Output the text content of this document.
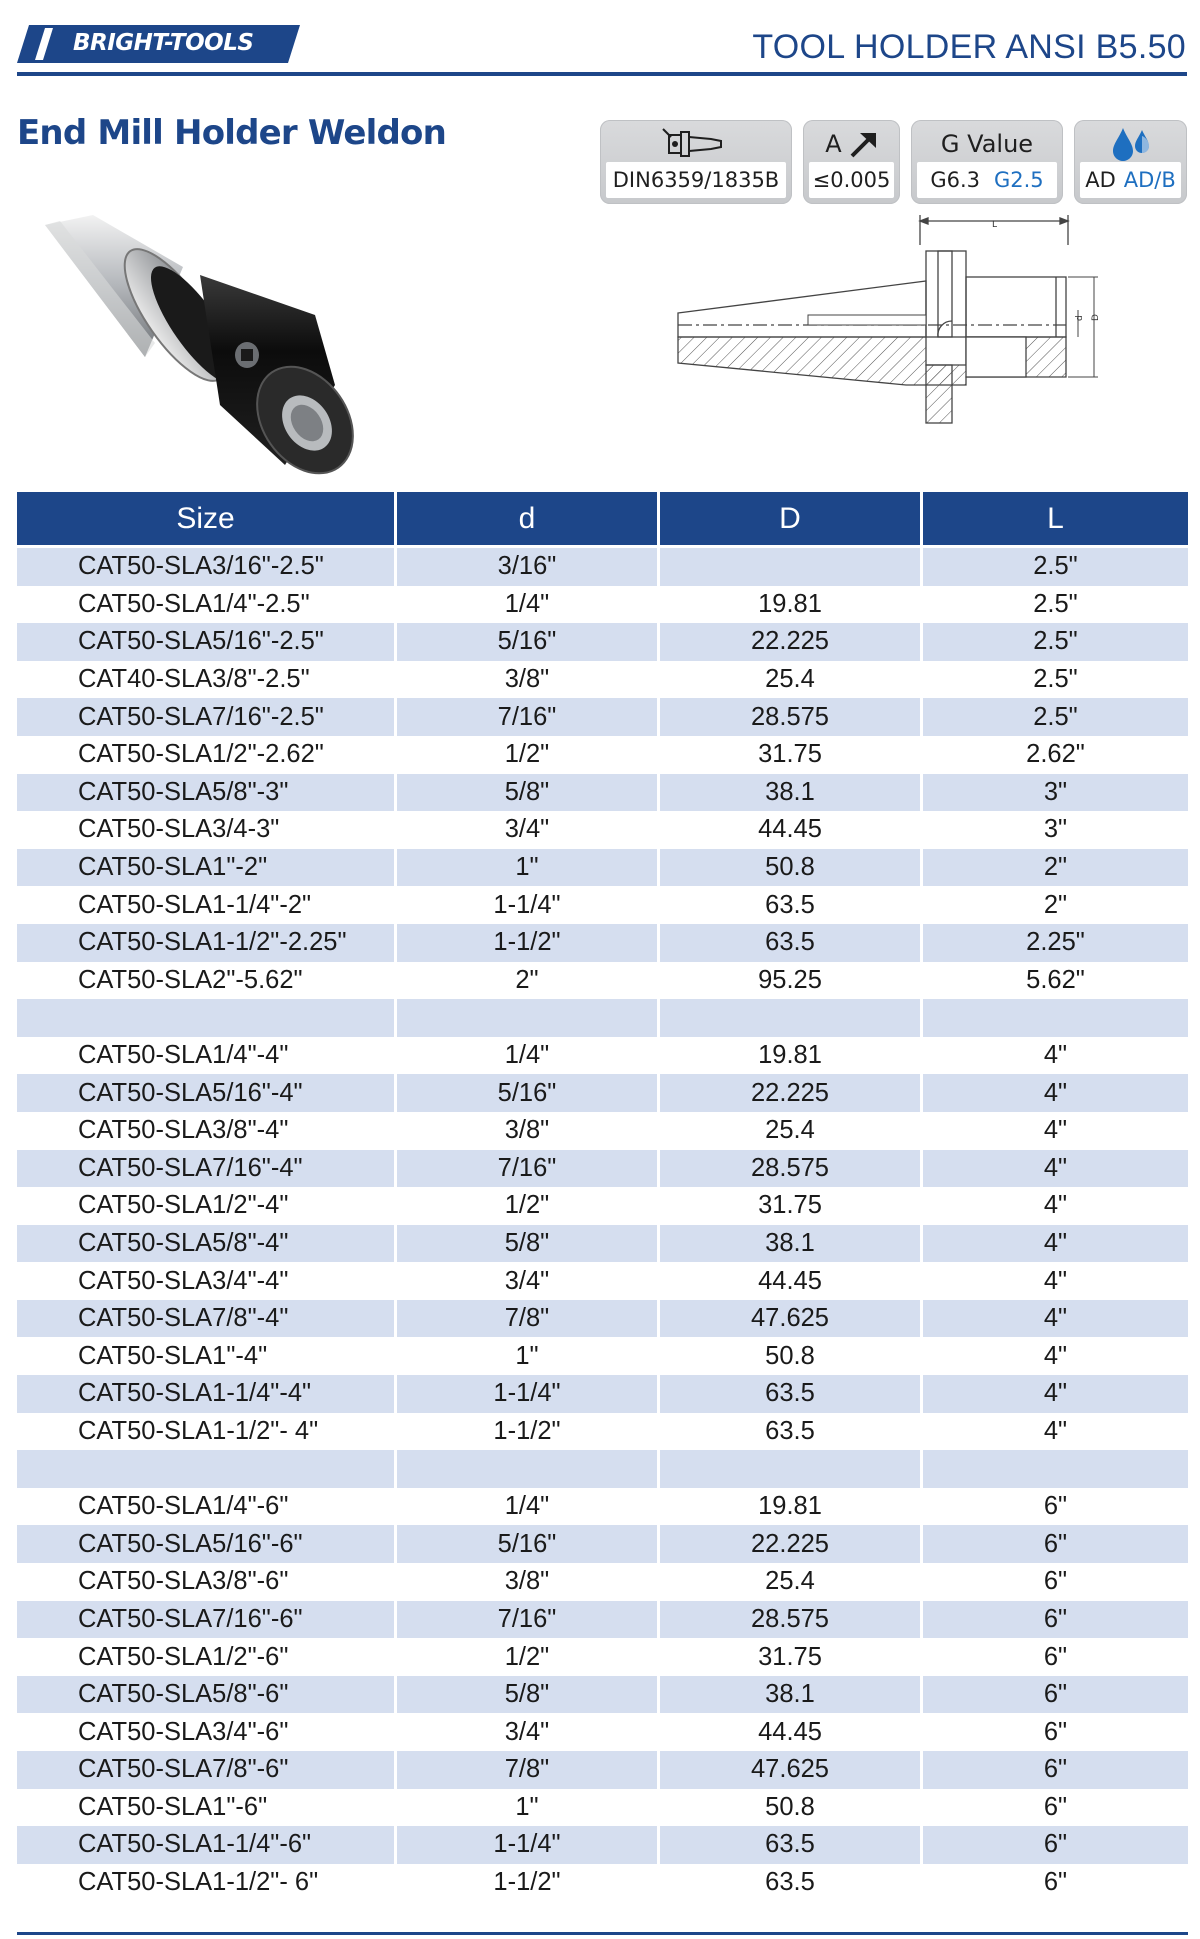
BRIGHT-TOOLS	TOOL HOLDER ANSI B5.50
End Mill Holder Weldon
DIN6359/1835B
A
≤0.005
G Value
G6.3 G2.5 AD AD/B
L
d D
Size	d	D	L
CAT50-SLA3/16"-2.5"	3/16"		2.5"
CAT50-SLA1/4"-2.5"	1/4"	19.81	2.5"
CAT50-SLA5/16"-2.5"	5/16"	22.225	2.5"
CAT40-SLA3/8"-2.5"	3/8"	25.4	2.5"
CAT50-SLA7/16"-2.5"	7/16"	28.575	2.5"
CAT50-SLA1/2"-2.62"	1/2"	31.75	2.62"
CAT50-SLA5/8"-3"	5/8"	38.1	3"
CAT50-SLA3/4-3"	3/4"	44.45	3"
CAT50-SLA1"-2"	1"	50.8	2"
CAT50-SLA1-1/4"-2"	1-1/4"	63.5	2"
CAT50-SLA1-1/2"-2.25"	1-1/2"	63.5	2.25"
CAT50-SLA2"-5.62"	2"	95.25	5.62"

CAT50-SLA1/4"-4"	1/4"	19.81	4"
CAT50-SLA5/16"-4"	5/16"	22.225	4"
CAT50-SLA3/8"-4"	3/8"	25.4	4"
CAT50-SLA7/16"-4"	7/16"	28.575	4"
CAT50-SLA1/2"-4"	1/2"	31.75	4"
CAT50-SLA5/8"-4"	5/8"	38.1	4"
CAT50-SLA3/4"-4"	3/4"	44.45	4"
CAT50-SLA7/8"-4"	7/8"	47.625	4"
CAT50-SLA1"-4"	1"	50.8	4"
CAT50-SLA1-1/4"-4"	1-1/4"	63.5	4"
CAT50-SLA1-1/2"- 4"	1-1/2"	63.5	4"

CAT50-SLA1/4"-6"	1/4"	19.81	6"
CAT50-SLA5/16"-6"	5/16"	22.225	6"
CAT50-SLA3/8"-6"	3/8"	25.4	6"
CAT50-SLA7/16"-6"	7/16"	28.575	6"
CAT50-SLA1/2"-6"	1/2"	31.75	6"
CAT50-SLA5/8"-6"	5/8"	38.1	6"
CAT50-SLA3/4"-6"	3/4"	44.45	6"
CAT50-SLA7/8"-6"	7/8"	47.625	6"
CAT50-SLA1"-6"	1"	50.8	6"
CAT50-SLA1-1/4"-6"	1-1/4"	63.5	6"
CAT50-SLA1-1/2"- 6"	1-1/2"	63.5	6"
